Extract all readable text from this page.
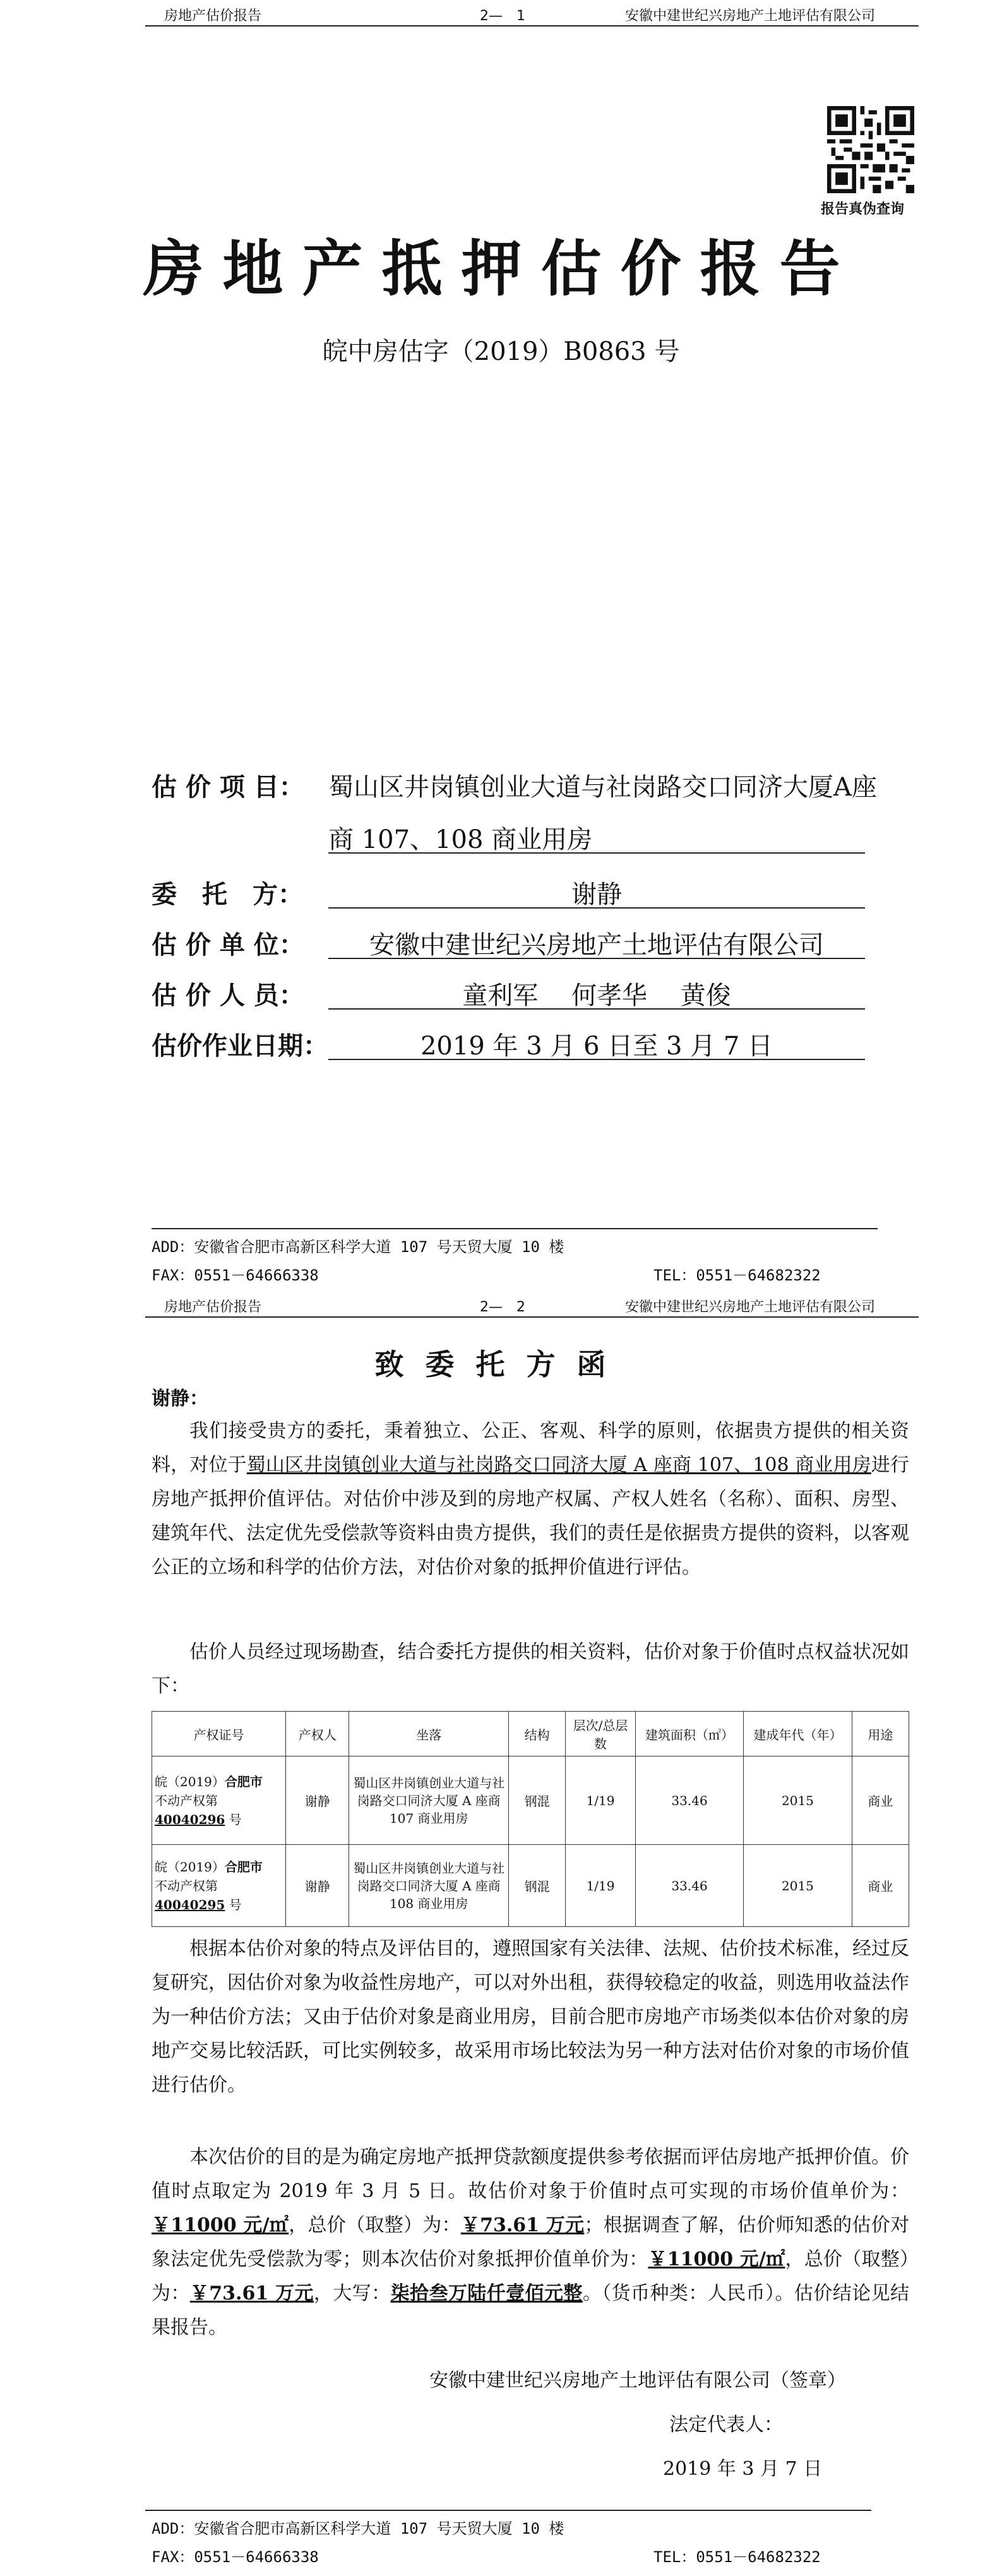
房地产估价报告	2—　1	安徽中建世纪兴房地产土地评估有限公司
报告真伪查询
房地产抵押估价报告
皖中房估字（2019）B0863 号
估 价 项 目： 蜀山区井岗镇创业大道与社岗路交口同济大厦A座
商 107、108 商业用房
委　托　方：	谢静
估 价 单 位：	安徽中建世纪兴房地产土地评估有限公司
估 价 人 员：	童利军　 何孝华　 黄俊
估价作业日期：	2019 年 3 月 6 日至 3 月 7 日
ADD：安徽省合肥市高新区科学大道 107 号天贸大厦 10 楼
FAX：0551－64666338	TEL：0551－64682322
房地产估价报告	2—　2	安徽中建世纪兴房地产土地评估有限公司
致委托方函
谢静：
我们接受贵方的委托，秉着独立、公正、客观、科学的原则，依据贵方提供的相关资料，对位于蜀山区井岗镇创业大道与社岗路交口同济大厦 A 座商 107、108 商业用房进行房地产抵押价值评估。对估价中涉及到的房地产权属、产权人姓名（名称）、面积、房型、建筑年代、法定优先受偿款等资料由贵方提供，我们的责任是依据贵方提供的资料，以客观公正的立场和科学的估价方法，对估价对象的抵押价值进行评估。
估价人员经过现场勘查，结合委托方提供的相关资料，估价对象于价值时点权益状况如下：
产权证号	产权人	坐落	结构	层次/总层数	建筑面积（㎡）	建成年代（年）	用途
皖（2019）合肥市
不动产权第
40040296 号	谢静	蜀山区井岗镇创业大道与社岗路交口同济大厦 A 座商 107 商业用房	钢混	1/19	33.46	2015	商业
皖（2019）合肥市
不动产权第
40040295 号	谢静	蜀山区井岗镇创业大道与社岗路交口同济大厦 A 座商 108 商业用房	钢混	1/19	33.46	2015	商业
根据本估价对象的特点及评估目的，遵照国家有关法律、法规、估价技术标准，经过反复研究，因估价对象为收益性房地产，可以对外出租，获得较稳定的收益，则选用收益法作为一种估价方法；又由于估价对象是商业用房，目前合肥市房地产市场类似本估价对象的房地产交易比较活跃，可比实例较多，故采用市场比较法为另一种方法对估价对象的市场价值进行估价。
本次估价的目的是为确定房地产抵押贷款额度提供参考依据而评估房地产抵押价值。价值时点取定为 2019 年 3 月 5 日。故估价对象于价值时点可实现的市场价值单价为：￥11000 元/㎡，总价（取整）为：￥73.61 万元；根据调查了解，估价师知悉的估价对象法定优先受偿款为零；则本次估价对象抵押价值单价为：￥11000 元/㎡，总价（取整）为：￥73.61 万元，大写：柒拾叁万陆仟壹佰元整。（货币种类：人民币）。估价结论见结果报告。
安徽中建世纪兴房地产土地评估有限公司（签章）
法定代表人：
2019 年 3 月 7 日
ADD：安徽省合肥市高新区科学大道 107 号天贸大厦 10 楼
FAX：0551－64666338	TEL：0551－64682322
